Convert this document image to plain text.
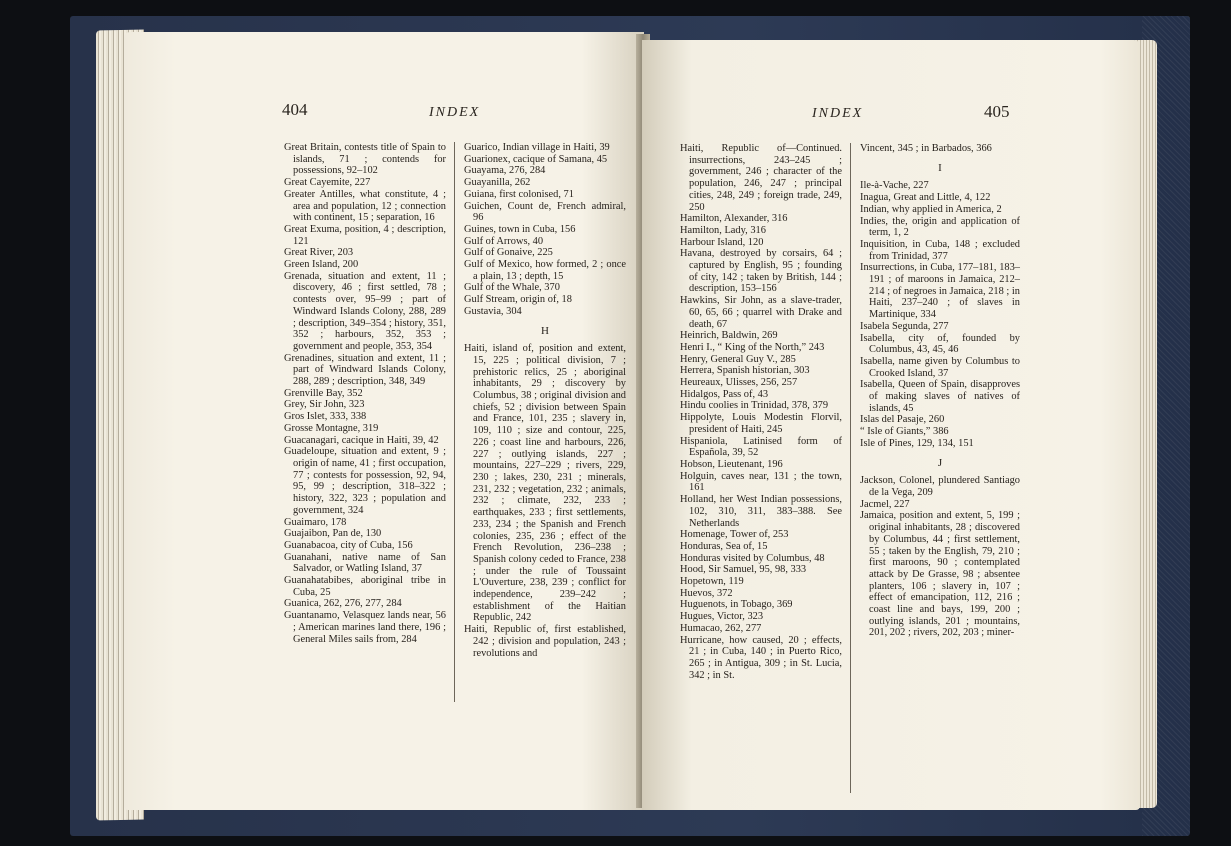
404	INDEX

Great Britain, contests title of Spain to islands, 71 ; contends for possessions, 92–102

Great Cayemite, 227

Greater Antilles, what constitute, 4 ; area and population, 12 ; connection with continent, 15 ; separation, 16

Great Exuma, position, 4 ; description, 121

Great River, 203

Green Island, 200

Grenada, situation and extent, 11 ; discovery, 46 ; first settled, 78 ; contests over, 95–99 ; part of Windward Islands Colony, 288, 289 ; description, 349–354 ; history, 351, 352 ; harbours, 352, 353 ; government and people, 353, 354

Grenadines, situation and extent, 11 ; part of Windward Islands Colony, 288, 289 ; description, 348, 349

Grenville Bay, 352

Grey, Sir John, 323

Gros Islet, 333, 338

Grosse Montagne, 319

Guacanagari, cacique in Haiti, 39, 42

Guadeloupe, situation and extent, 9 ; origin of name, 41 ; first occupation, 77 ; contests for possession, 92, 94, 95, 99 ; description, 318–322 ; history, 322, 323 ; population and government, 324

Guaimaro, 178

Guajaibon, Pan de, 130

Guanabacoa, city of Cuba, 156

Guanahani, native name of San Salvador, or Watling Island, 37

Guanahatabibes, aboriginal tribe in Cuba, 25

Guanica, 262, 276, 277, 284

Guantanamo, Velasquez lands near, 56 ; American marines land there, 196 ; General Miles sails from, 284

Guarico, Indian village in Haiti, 39

Guarionex, cacique of Samana, 45

Guayama, 276, 284

Guayanilla, 262

Guiana, first colonised, 71

Guichen, Count de, French admiral, 96

Guines, town in Cuba, 156

Gulf of Arrows, 40

Gulf of Gonaive, 225

Gulf of Mexico, how formed, 2 ; once a plain, 13 ; depth, 15

Gulf of the Whale, 370

Gulf Stream, origin of, 18

Gustavia, 304

H

Haiti, island of, position and extent, 15, 225 ; political division, 7 ; prehistoric relics, 25 ; aboriginal inhabitants, 29 ; discovery by Columbus, 38 ; original division and chiefs, 52 ; division between Spain and France, 101, 235 ; slavery in, 109, 110 ; size and contour, 225, 226 ; coast line and harbours, 226, 227 ; outlying islands, 227 ; mountains, 227–229 ; rivers, 229, 230 ; lakes, 230, 231 ; minerals, 231, 232 ; vegetation, 232 ; animals, 232 ; climate, 232, 233 ; earthquakes, 233 ; first settlements, 233, 234 ; the Spanish and French colonies, 235, 236 ; effect of the French Revolution, 236–238 ; Spanish colony ceded to France, 238 ; under the rule of Toussaint L'Ouverture, 238, 239 ; conflict for independence, 239–242 ; establishment of the Haitian Republic, 242

Haiti, Republic of, first established, 242 ; division and population, 243 ; revolutions and

INDEX	405

Haiti, Republic of—Continued. insurrections, 243–245 ; government, 246 ; character of the population, 246, 247 ; principal cities, 248, 249 ; foreign trade, 249, 250

Hamilton, Alexander, 316

Hamilton, Lady, 316

Harbour Island, 120

Havana, destroyed by corsairs, 64 ; captured by English, 95 ; founding of city, 142 ; taken by British, 144 ; description, 153–156

Hawkins, Sir John, as a slave-trader, 60, 65, 66 ; quarrel with Drake and death, 67

Heinrich, Baldwin, 269

Henri I., “ King of the North,” 243

Henry, General Guy V., 285

Herrera, Spanish historian, 303

Heureaux, Ulisses, 256, 257

Hidalgos, Pass of, 43

Hindu coolies in Trinidad, 378, 379

Hippolyte, Louis Modestin Florvil, president of Haiti, 245

Hispaniola, Latinised form of Española, 39, 52

Hobson, Lieutenant, 196

Holguin, caves near, 131 ; the town, 161

Holland, her West Indian possessions, 102, 310, 311, 383–388. See Netherlands

Homenage, Tower of, 253

Honduras, Sea of, 15

Honduras visited by Columbus, 48

Hood, Sir Samuel, 95, 98, 333

Hopetown, 119

Huevos, 372

Huguenots, in Tobago, 369

Hugues, Victor, 323

Humacao, 262, 277

Hurricane, how caused, 20 ; effects, 21 ; in Cuba, 140 ; in Puerto Rico, 265 ; in Antigua, 309 ; in St. Lucia, 342 ; in St.

Vincent, 345 ; in Barbados, 366

I

Ile-à-Vache, 227

Inagua, Great and Little, 4, 122

Indian, why applied in America, 2

Indies, the, origin and application of term, 1, 2

Inquisition, in Cuba, 148 ; excluded from Trinidad, 377

Insurrections, in Cuba, 177–181, 183–191 ; of maroons in Jamaica, 212–214 ; of negroes in Jamaica, 218 ; in Haiti, 237–240 ; of slaves in Martinique, 334

Isabela Segunda, 277

Isabella, city of, founded by Columbus, 43, 45, 46

Isabella, name given by Columbus to Crooked Island, 37

Isabella, Queen of Spain, disapproves of making slaves of natives of islands, 45

Islas del Pasaje, 260

“ Isle of Giants,” 386

Isle of Pines, 129, 134, 151

J

Jackson, Colonel, plundered Santiago de la Vega, 209

Jacmel, 227

Jamaica, position and extent, 5, 199 ; original inhabitants, 28 ; discovered by Columbus, 44 ; first settlement, 55 ; taken by the English, 79, 210 ; first maroons, 90 ; contemplated attack by De Grasse, 98 ; absentee planters, 106 ; slavery in, 107 ; effect of emancipation, 112, 216 ; coast line and bays, 199, 200 ; outlying islands, 201 ; mountains, 201, 202 ; rivers, 202, 203 ; miner-
